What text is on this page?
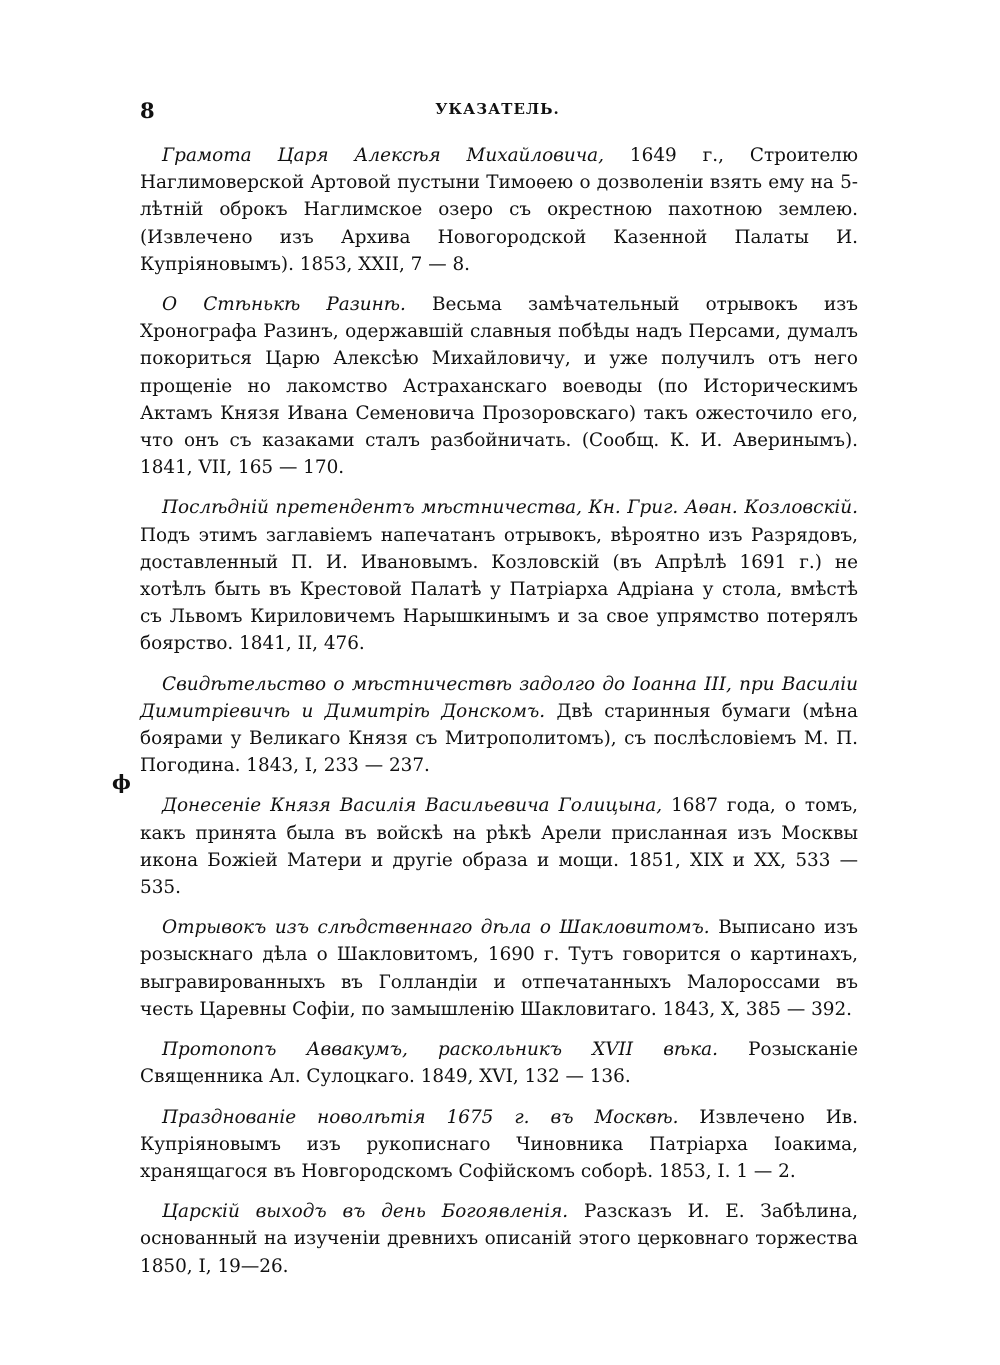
8	УКАЗАТЕЛЬ.
ϕ

Грамота Царя Алексѣя Михайловича, 1649 г., Строителю Наглимоверской Артовой пустыни Тимоѳею о дозволеніи взять ему на 5-лѣтній оброкъ Наглимское озеро съ окрестною пахотною землею. (Извлечено изъ Архива Новогородской Казенной Палаты И. Купріяновымъ). 1853, XXII, 7 — 8.

О Стѣнькѣ Разинѣ. Весьма замѣчательный отрывокъ изъ Хронографа Разинъ, одержавшій славныя побѣды надъ Персами, думалъ покориться Царю Алексѣю Михайловичу, и уже получилъ отъ него прощеніе но лакомство Астраханскаго воеводы (по Историческимъ Актамъ Князя Ивана Семеновича Прозоровскаго) такъ ожесточило его, что онъ съ казаками сталъ разбойничать. (Сообщ. К. И. Аверинымъ). 1841, VII, 165 — 170.

Послѣдній претендентъ мѣстничества, Кн. Григ. Аѳан. Козловскій. Подъ этимъ заглавіемъ напечатанъ отрывокъ, вѣроятно изъ Разрядовъ, доставленный П. И. Ивановымъ. Козловскій (въ Апрѣлѣ 1691 г.) не хотѣлъ быть въ Крестовой Палатѣ у Патріарха Адріана у стола, вмѣстѣ съ Львомъ Кириловичемъ Нарышкинымъ и за свое упрямство потерялъ боярство. 1841, II, 476.

Свидѣтельство о мѣстничествѣ задолго до Іоанна III, при Василіи Димитріевичѣ и Димитріѣ Донскомъ. Двѣ старинныя бумаги (мѣна боярами у Великаго Князя съ Митрополитомъ), съ послѣсловіемъ М. П. Погодина. 1843, I, 233 — 237.

Донесеніе Князя Василія Васильевича Голицына, 1687 года, о томъ, какъ принята была въ войскѣ на рѣкѣ Арели присланная изъ Москвы икона Божіей Матери и другіе образа и мощи. 1851, XIX и XX, 533 — 535.

Отрывокъ изъ слѣдственнаго дѣла о Шакловитомъ. Выписано изъ розыскнаго дѣла о Шакловитомъ, 1690 г. Тутъ говорится о картинахъ, выгравированныхъ въ Голландіи и отпечатанныхъ Малороссами въ честь Царевны Софіи, по замышленію Шакловитаго. 1843, X, 385 — 392.

Протопопъ Аввакумъ, раскольникъ XVII вѣка. Розысканіе Священника Ал. Сулоцкаго. 1849, XVI, 132 — 136.

Празднованіе новолѣтія 1675 г. въ Москвѣ. Извлечено Ив. Купріяновымъ изъ рукописнаго Чиновника Патріарха Іоакима, хранящагося въ Новгородскомъ Софійскомъ соборѣ. 1853, I. 1 — 2.

Царскій выходъ въ день Богоявленія. Разсказъ И. Е. Забѣлина, основанный на изученіи древнихъ описаній этого церковнаго торжества 1850, I, 19—26.
